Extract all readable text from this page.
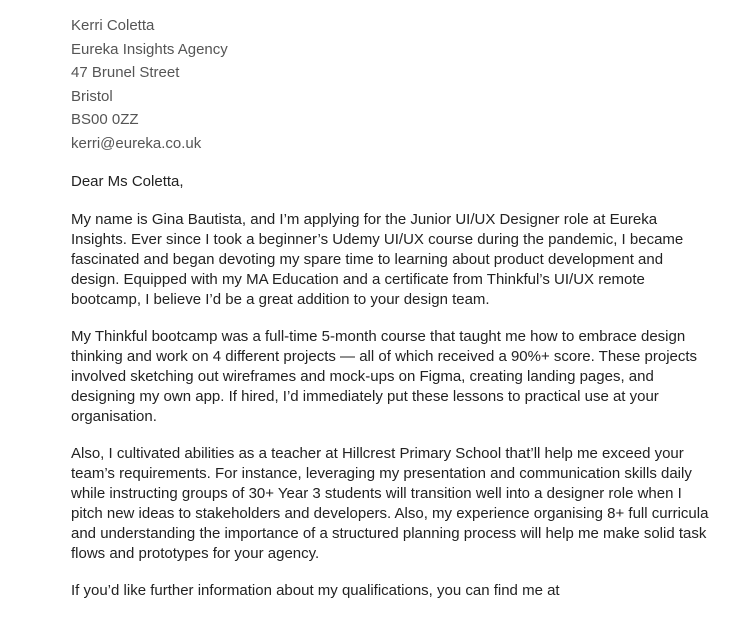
Kerri Coletta
Eureka Insights Agency
47 Brunel Street
Bristol
BS00 0ZZ
kerri@eureka.co.uk
Dear Ms Coletta,
My name is Gina Bautista, and I’m applying for the Junior UI/UX Designer role at Eureka
Insights. Ever since I took a beginner’s Udemy UI/UX course during the pandemic, I became
fascinated and began devoting my spare time to learning about product development and
design. Equipped with my MA Education and a certificate from Thinkful’s UI/UX remote
bootcamp, I believe I’d be a great addition to your design team.
My Thinkful bootcamp was a full-time 5-month course that taught me how to embrace design
thinking and work on 4 different projects — all of which received a 90%+ score. These projects
involved sketching out wireframes and mock-ups on Figma, creating landing pages, and
designing my own app. If hired, I’d immediately put these lessons to practical use at your
organisation.
Also, I cultivated abilities as a teacher at Hillcrest Primary School that’ll help me exceed your
team’s requirements. For instance, leveraging my presentation and communication skills daily
while instructing groups of 30+ Year 3 students will transition well into a designer role when I
pitch new ideas to stakeholders and developers. Also, my experience organising 8+ full curricula
and understanding the importance of a structured planning process will help me make solid task
flows and prototypes for your agency.
If you’d like further information about my qualifications, you can find me at
